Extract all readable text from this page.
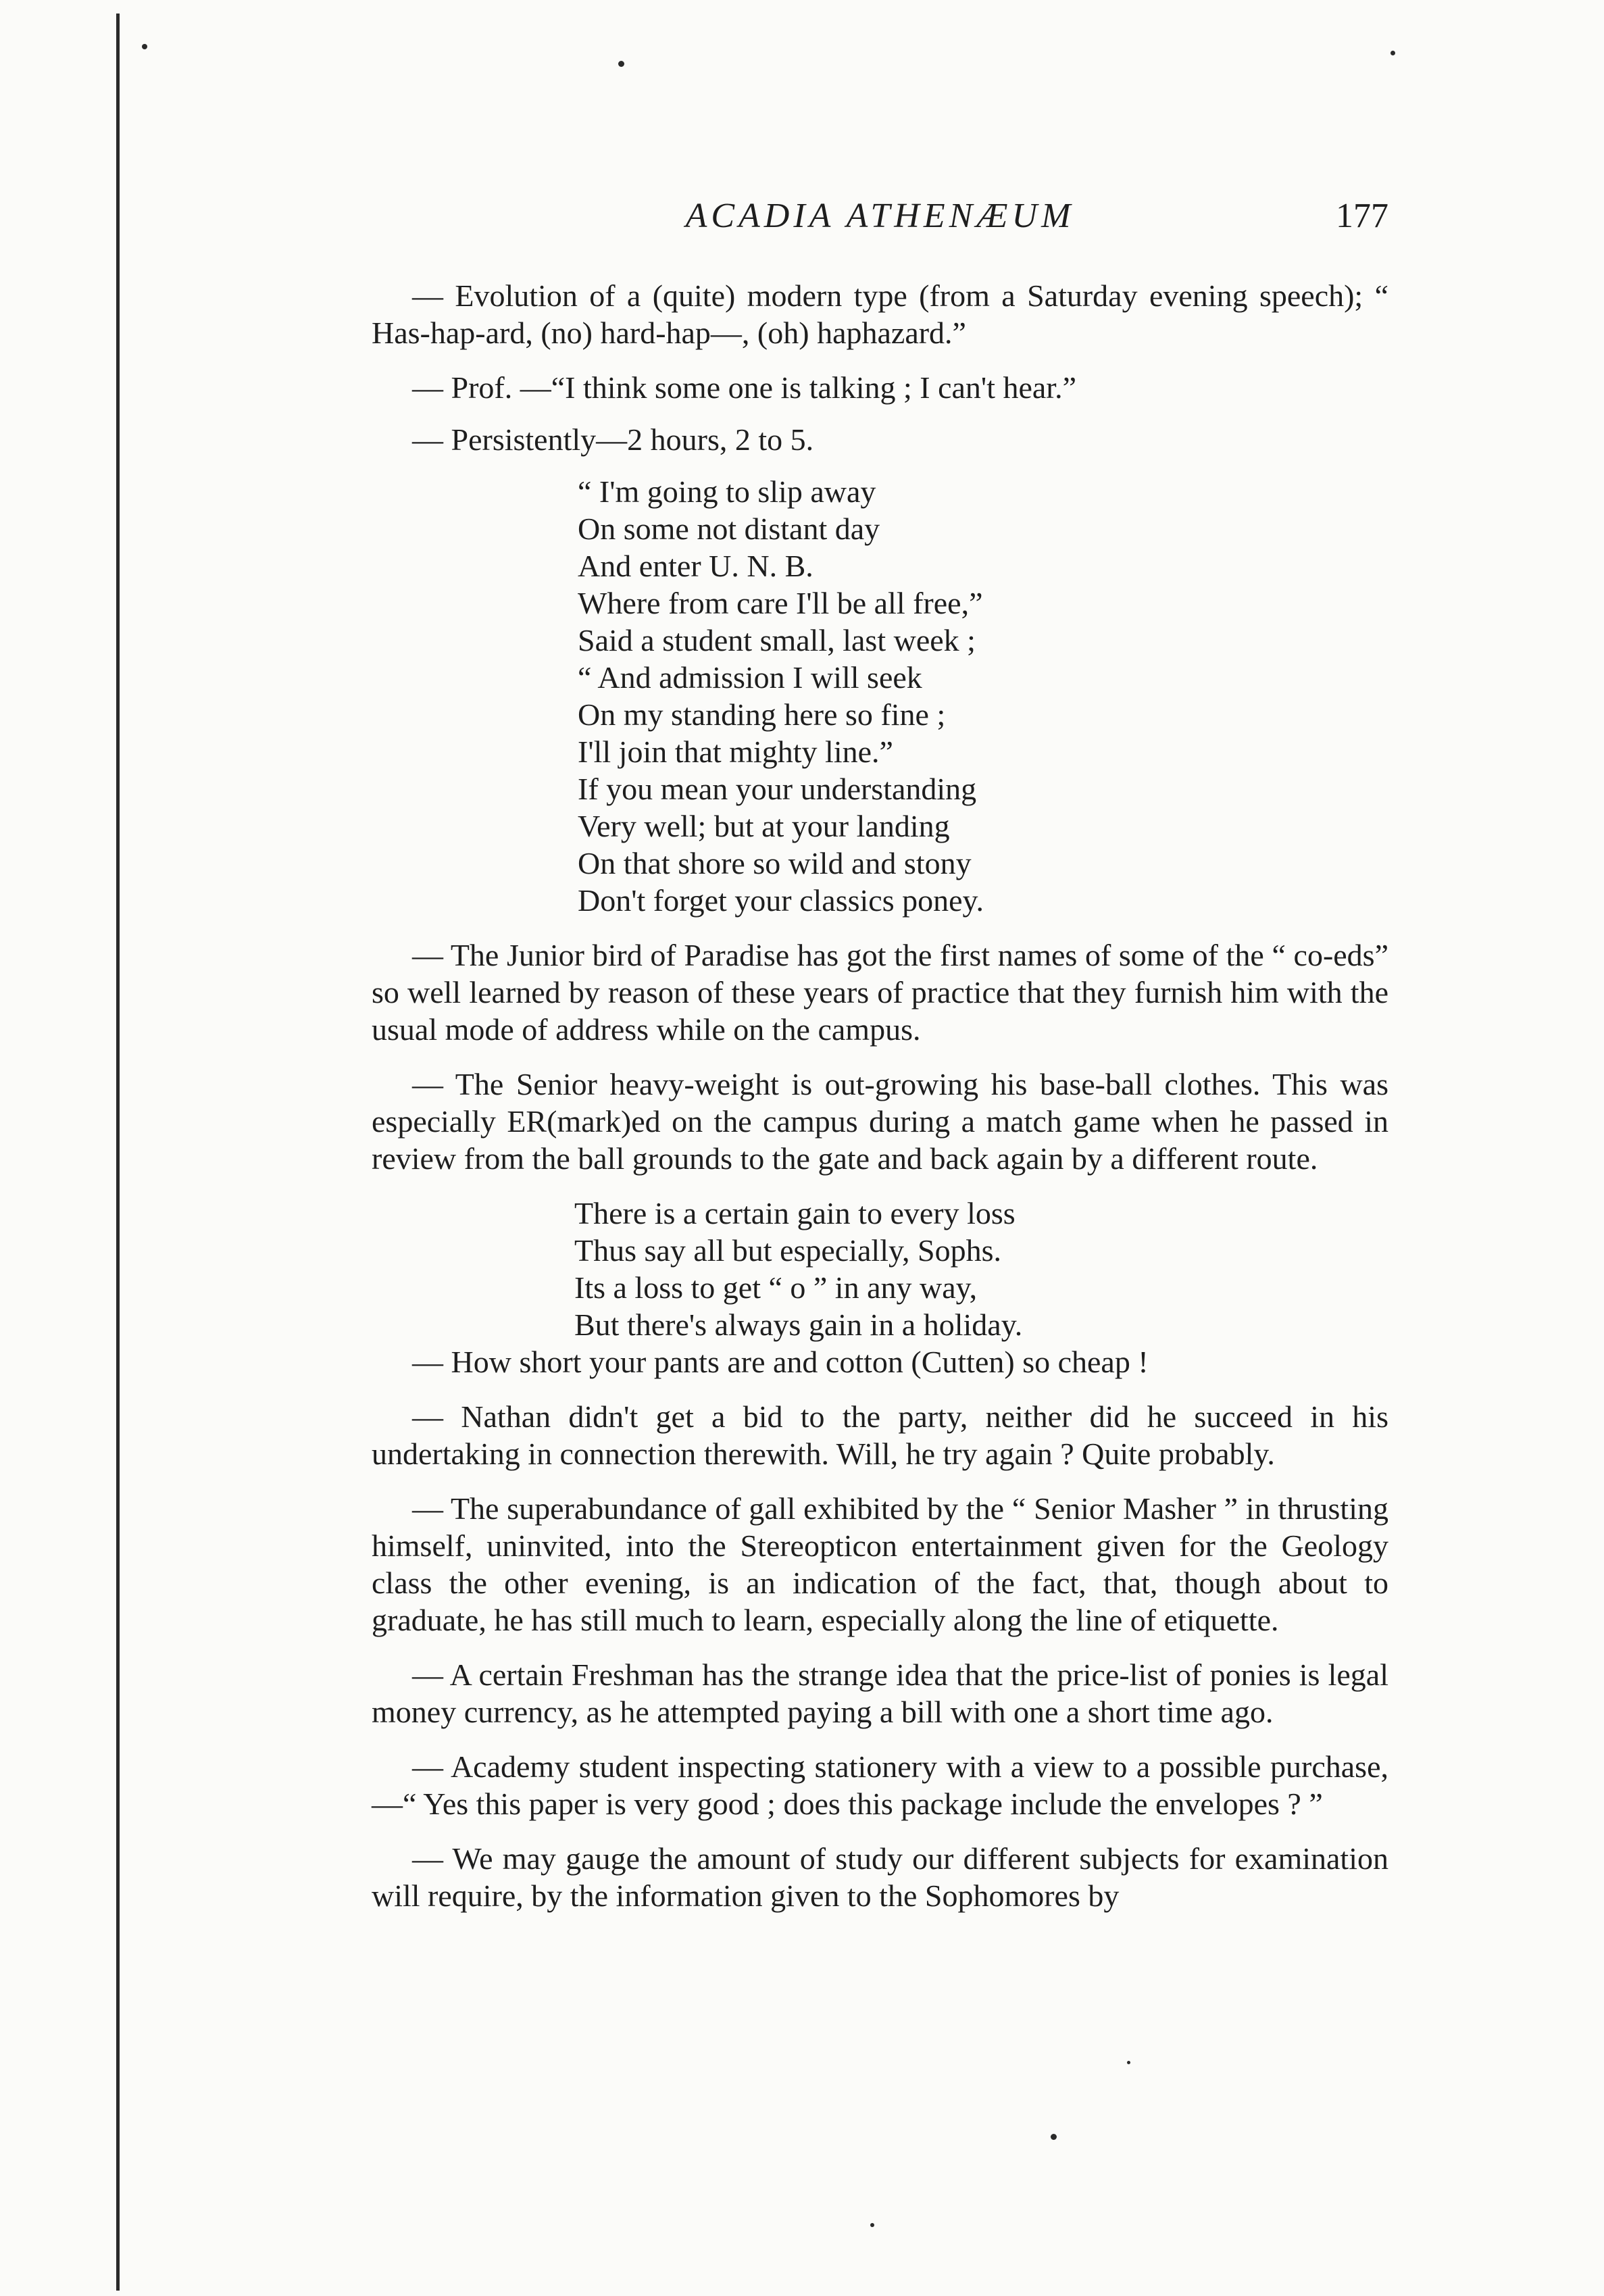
ACADIA ATHENÆUM	177

— Evolution of a (quite) modern type (from a Saturday evening speech); “ Has-hap-ard, (no) hard-hap—, (oh) haphazard.”

— Prof. —“I think some one is talking ; I can't hear.”

— Persistently—2 hours, 2 to 5.

“ I'm going to slip away
On some not distant day
And enter U. N. B.
Where from care I'll be all free,”
Said a student small, last week ;
“ And admission I will seek
On my standing here so fine ;
I'll join that mighty line.”
If you mean your understanding
Very well; but at your landing
On that shore so wild and stony
Don't forget your classics poney.

— The Junior bird of Paradise has got the first names of some of the “ co-eds” so well learned by reason of these years of practice that they furnish him with the usual mode of address while on the campus.

— The Senior heavy-weight is out-growing his base-ball clothes. This was especially ER(mark)ed on the campus during a match game when he passed in review from the ball grounds to the gate and back again by a different route.

There is a certain gain to every loss
Thus say all but especially, Sophs.
Its a loss to get “ o ” in any way,
But there's always gain in a holiday.

— How short your pants are and cotton (Cutten) so cheap !

— Nathan didn't get a bid to the party, neither did he succeed in his undertaking in connection therewith. Will, he try again ? Quite probably.

— The superabundance of gall exhibited by the “ Senior Masher ” in thrusting himself, uninvited, into the Stereopticon entertainment given for the Geology class the other evening, is an indication of the fact, that, though about to graduate, he has still much to learn, especially along the line of etiquette.

— A certain Freshman has the strange idea that the price-list of ponies is legal money currency, as he attempted paying a bill with one a short time ago.

— Academy student inspecting stationery with a view to a possible purchase,—“ Yes this paper is very good ; does this package include the envelopes ? ”

— We may gauge the amount of study our different subjects for examination will require, by the information given to the Sophomores by
